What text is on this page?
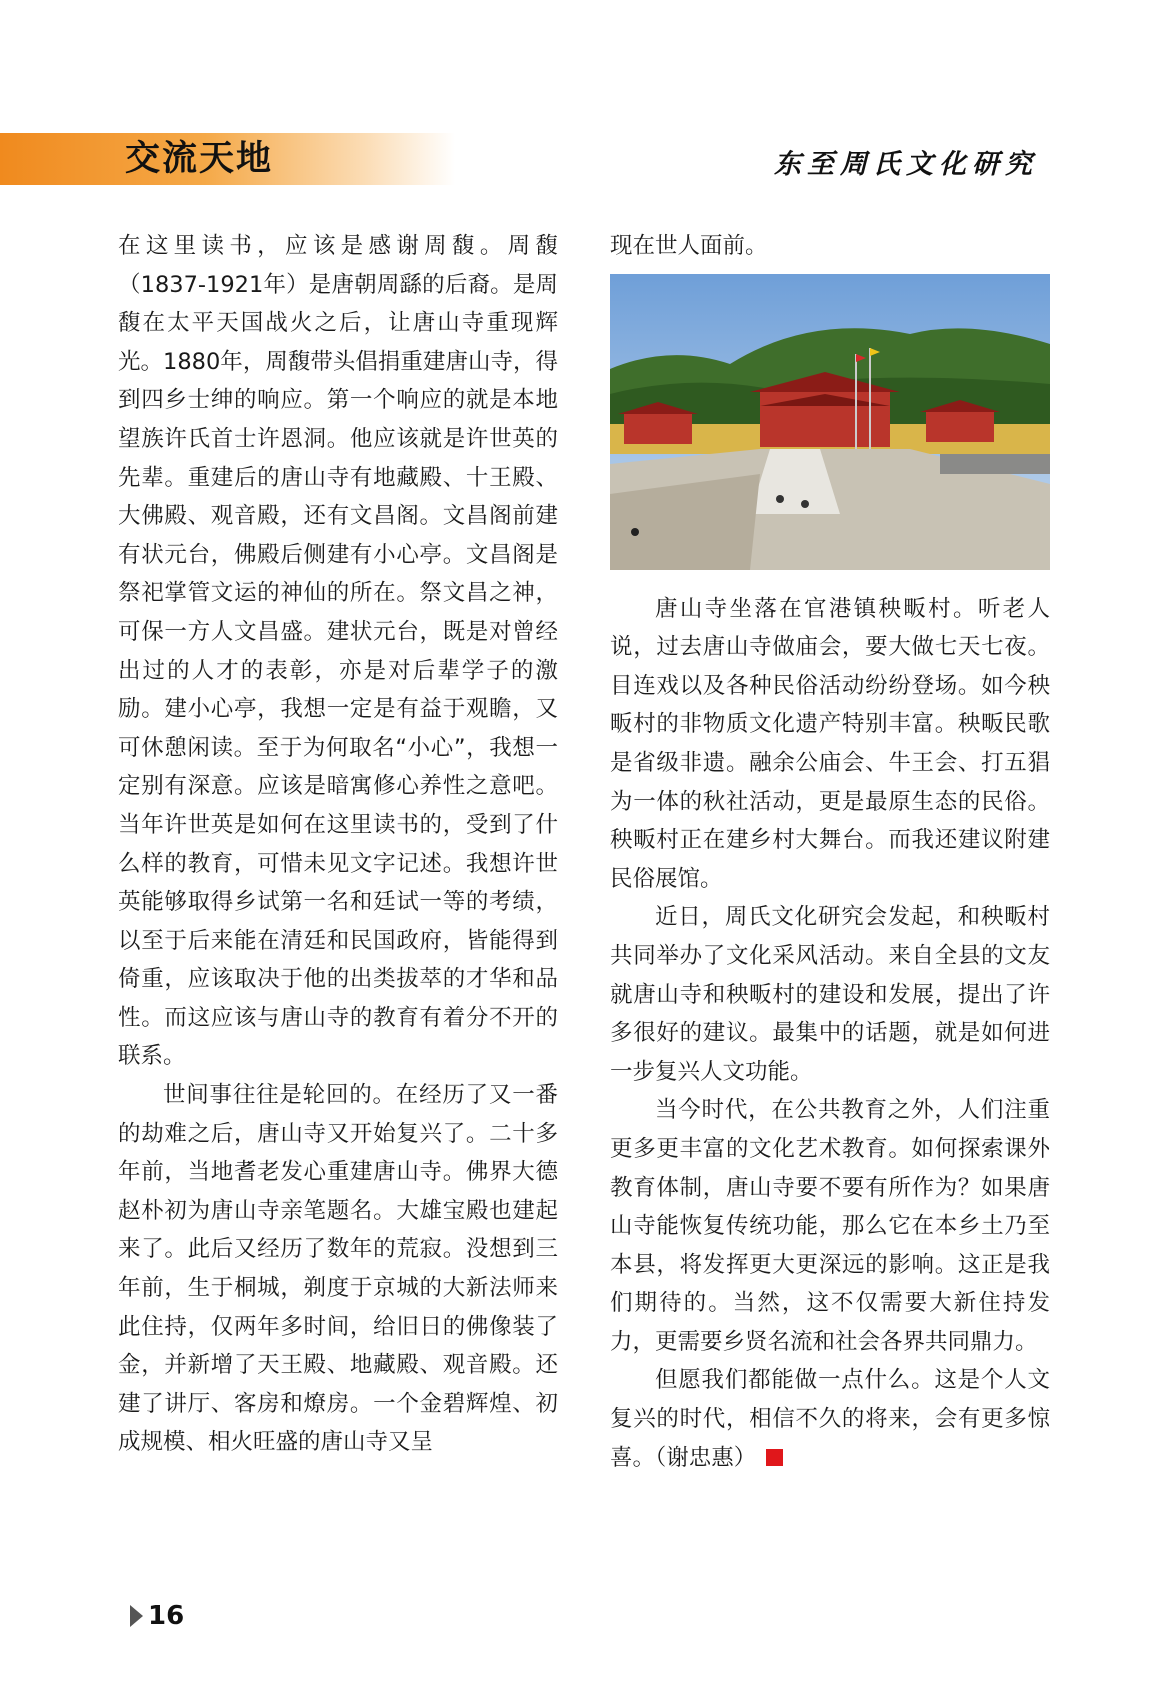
交流天地	东至周氏文化研究

在这里读书，应该是感谢周馥。周馥（1837-1921年）是唐朝周繇的后裔。是周馥在太平天国战火之后，让唐山寺重现辉光。1880年，周馥带头倡捐重建唐山寺，得到四乡士绅的响应。第一个响应的就是本地望族许氏首士许恩洞。他应该就是许世英的先辈。重建后的唐山寺有地藏殿、十王殿、大佛殿、观音殿，还有文昌阁。文昌阁前建有状元台，佛殿后侧建有小心亭。文昌阁是祭祀掌管文运的神仙的所在。祭文昌之神，可保一方人文昌盛。建状元台，既是对曾经出过的人才的表彰，亦是对后辈学子的激励。建小心亭，我想一定是有益于观瞻，又可休憩闲读。至于为何取名“小心”，我想一定别有深意。应该是暗寓修心养性之意吧。当年许世英是如何在这里读书的，受到了什么样的教育，可惜未见文字记述。我想许世英能够取得乡试第一名和廷试一等的考绩，以至于后来能在清廷和民国政府，皆能得到倚重，应该取决于他的出类拔萃的才华和品性。而这应该与唐山寺的教育有着分不开的联系。

世间事往往是轮回的。在经历了又一番的劫难之后，唐山寺又开始复兴了。二十多年前，当地耆老发心重建唐山寺。佛界大德赵朴初为唐山寺亲笔题名。大雄宝殿也建起来了。此后又经历了数年的荒寂。没想到三年前，生于桐城，剃度于京城的大新法师来此住持，仅两年多时间，给旧日的佛像装了金，并新增了天王殿、地藏殿、观音殿。还建了讲厅、客房和燎房。一个金碧辉煌、初成规模、相火旺盛的唐山寺又呈

现在世人面前。

唐山寺坐落在官港镇秧畈村。听老人说，过去唐山寺做庙会，要大做七天七夜。目连戏以及各种民俗活动纷纷登场。如今秧畈村的非物质文化遗产特别丰富。秧畈民歌是省级非遗。融余公庙会、牛王会、打五猖为一体的秋社活动，更是最原生态的民俗。秧畈村正在建乡村大舞台。而我还建议附建民俗展馆。

近日，周氏文化研究会发起，和秧畈村共同举办了文化采风活动。来自全县的文友就唐山寺和秧畈村的建设和发展，提出了许多很好的建议。最集中的话题，就是如何进一步复兴人文功能。

当今时代，在公共教育之外，人们注重更多更丰富的文化艺术教育。如何探索课外教育体制，唐山寺要不要有所作为？如果唐山寺能恢复传统功能，那么它在本乡土乃至本县，将发挥更大更深远的影响。这正是我们期待的。当然，这不仅需要大新住持发力，更需要乡贤名流和社会各界共同鼎力。

但愿我们都能做一点什么。这是个人文复兴的时代，相信不久的将来，会有更多惊喜。（谢忠惠）

16
